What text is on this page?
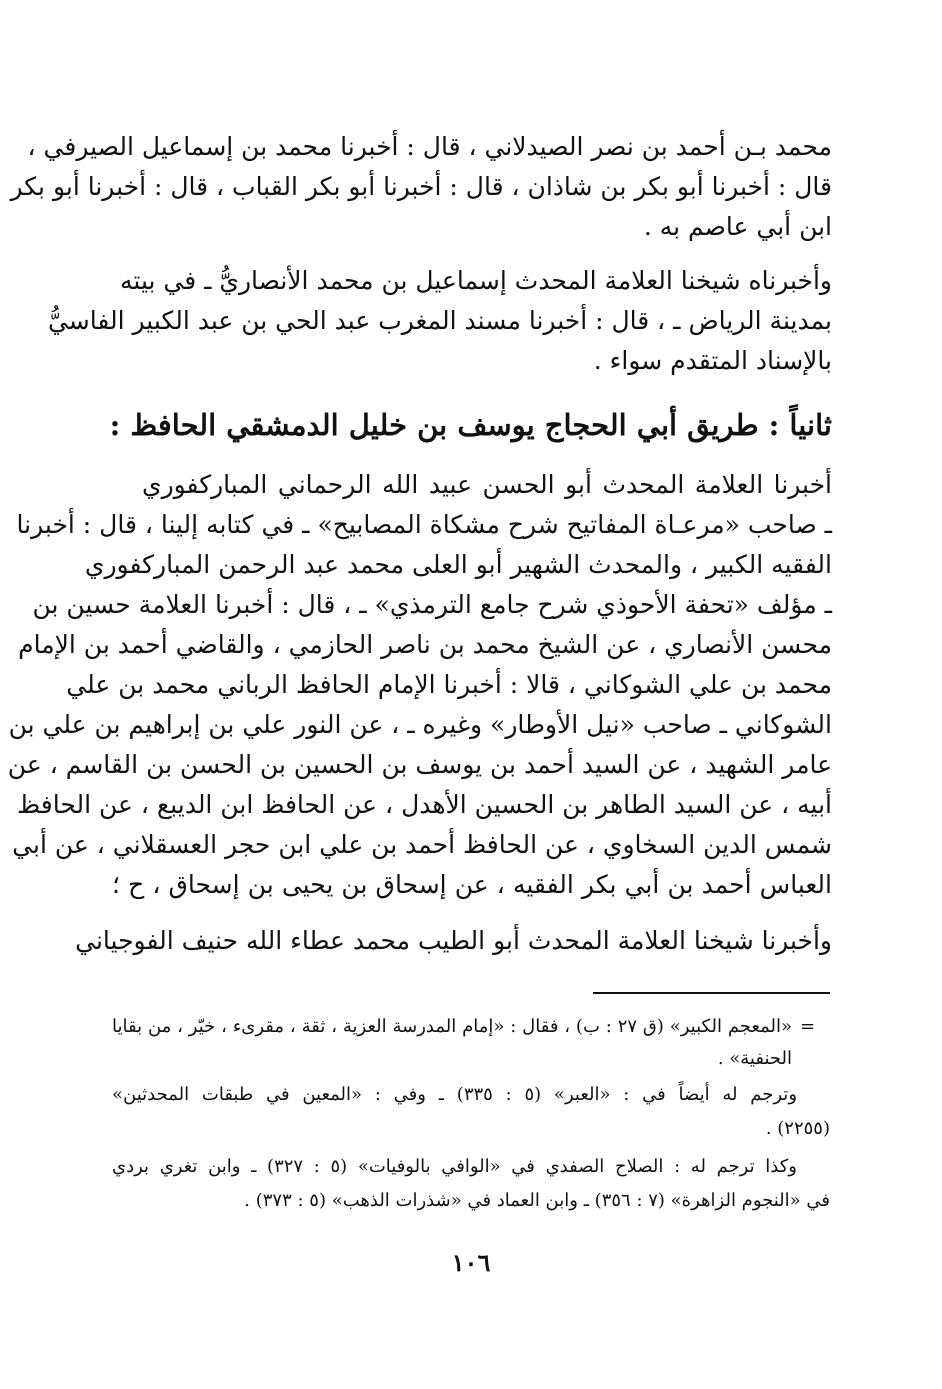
محمد بـن أحمد بن نصر الصيدلاني ، قال : أخبرنا محمد بن إسماعيل الصيرفي ،
قال : أخبرنا أبو بكر بن شاذان ، قال : أخبرنا أبو بكر القباب ، قال : أخبرنا أبو بكر
ابن أبي عاصم به .
وأخبرناه شيخنا العلامة المحدث إسماعيل بن محمد الأنصاريُّ ـ في بيته
بمدينة الرياض ـ ، قال : أخبرنا مسند المغرب عبد الحي بن عبد الكبير الفاسيُّ
بالإسناد المتقدم سواء .
ثانياً : طريق أبي الحجاج يوسف بن خليل الدمشقي الحافظ :
أخبرنا العلامة المحدث أبو الحسن عبيد الله الرحماني المباركفوري
ـ صاحب «مرعـاة المفاتيح شرح مشكاة المصابيح» ـ في كتابه إلينا ، قال : أخبرنا
الفقيه الكبير ، والمحدث الشهير أبو العلى محمد عبد الرحمن المباركفوري
ـ مؤلف «تحفة الأحوذي شرح جامع الترمذي» ـ ، قال : أخبرنا العلامة حسين بن
محسن الأنصاري ، عن الشيخ محمد بن ناصر الحازمي ، والقاضي أحمد بن الإمام
محمد بن علي الشوكاني ، قالا : أخبرنا الإمام الحافظ الرباني محمد بن علي
الشوكاني ـ صاحب «نيل الأوطار» وغيره ـ ، عن النور علي بن إبراهيم بن علي بن
عامر الشهيد ، عن السيد أحمد بن يوسف بن الحسين بن الحسن بن القاسم ، عن
أبيه ، عن السيد الطاهر بن الحسين الأهدل ، عن الحافظ ابن الديبع ، عن الحافظ
شمس الدين السخاوي ، عن الحافظ أحمد بن علي ابن حجر العسقلاني ، عن أبي
العباس أحمد بن أبي بكر الفقيه ، عن إسحاق بن يحيى بن إسحاق ، ح ؛
وأخبرنا شيخنا العلامة المحدث أبو الطيب محمد عطاء الله حنيف الفوجياني
=
«المعجم الكبير» (ق ٢٧ : ب) ، فقال : «إمام المدرسة العزية ، ثقة ، مقرىء ، خيّر ، من بقايا
الحنفية» .
وترجم له أيضاً في : «العبر» (٥ : ٣٣٥) ـ وفي : «المعين في طبقات المحدثين»
(٢٢٥٥) .
وكذا ترجم له : الصلاح الصفدي في «الوافي بالوفيات» (٥ : ٣٢٧) ـ وابن تغري بردي
في «النجوم الزاهرة» (٧ : ٣٥٦) ـ وابن العماد في «شذرات الذهب» (٥ : ٣٧٣) .
١٠٦
